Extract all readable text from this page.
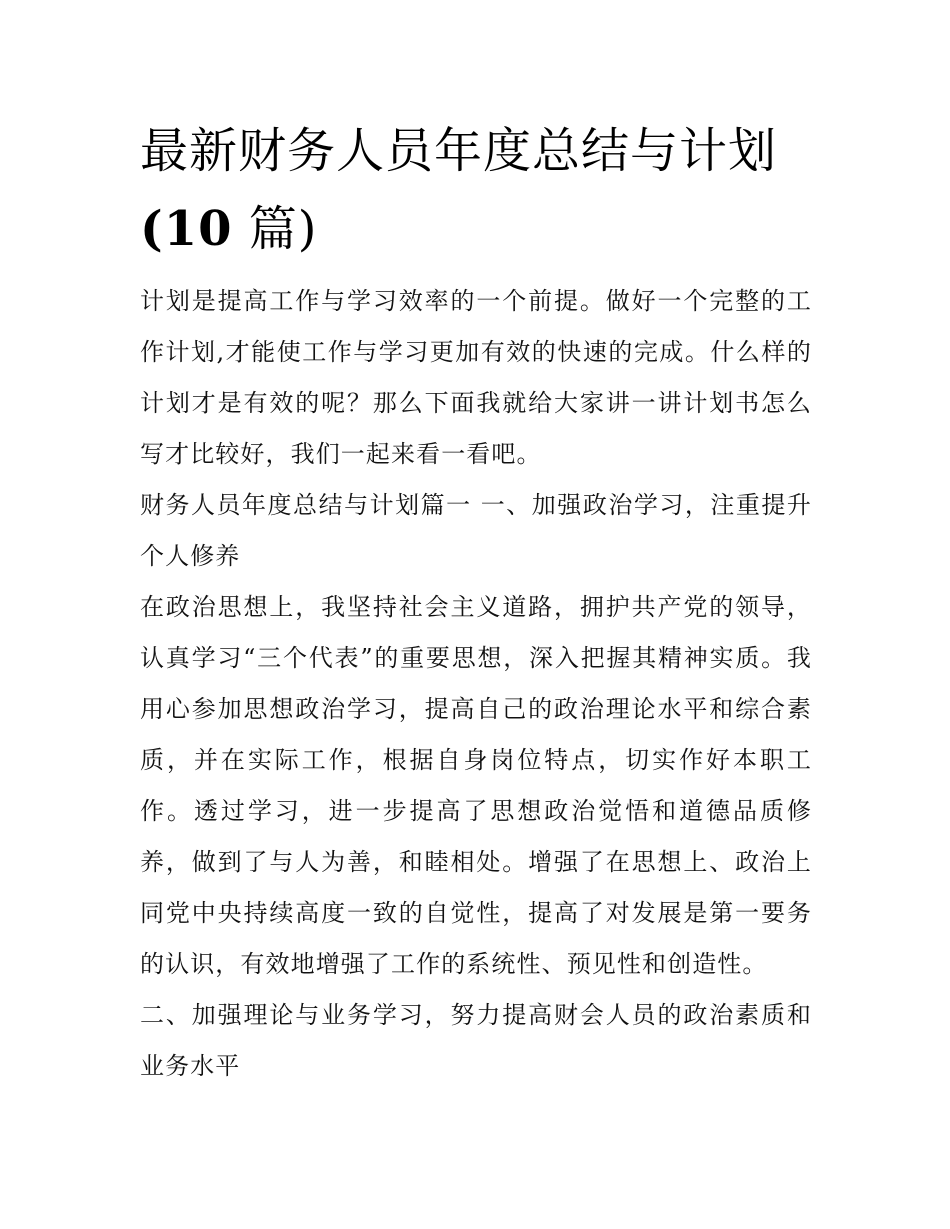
最新财务人员年度总结与计划
(10 篇)

计划是提高工作与学习效率的一个前提。做好一个完整的工作计划,才能使工作与学习更加有效的快速的完成。什么样的计划才是有效的呢？那么下面我就给大家讲一讲计划书怎么写才比较好，我们一起来看一看吧。

财务人员年度总结与计划篇一 一、加强政治学习，注重提升个人修养

在政治思想上，我坚持社会主义道路，拥护共产党的领导，认真学习“三个代表”的重要思想，深入把握其精神实质。我用心参加思想政治学习，提高自己的政治理论水平和综合素质，并在实际工作，根据自身岗位特点，切实作好本职工作。透过学习，进一步提高了思想政治觉悟和道德品质修养，做到了与人为善，和睦相处。增强了在思想上、政治上同党中央持续高度一致的自觉性，提高了对发展是第一要务的认识，有效地增强了工作的系统性、预见性和创造性。

二、加强理论与业务学习，努力提高财会人员的政治素质和业务水平
